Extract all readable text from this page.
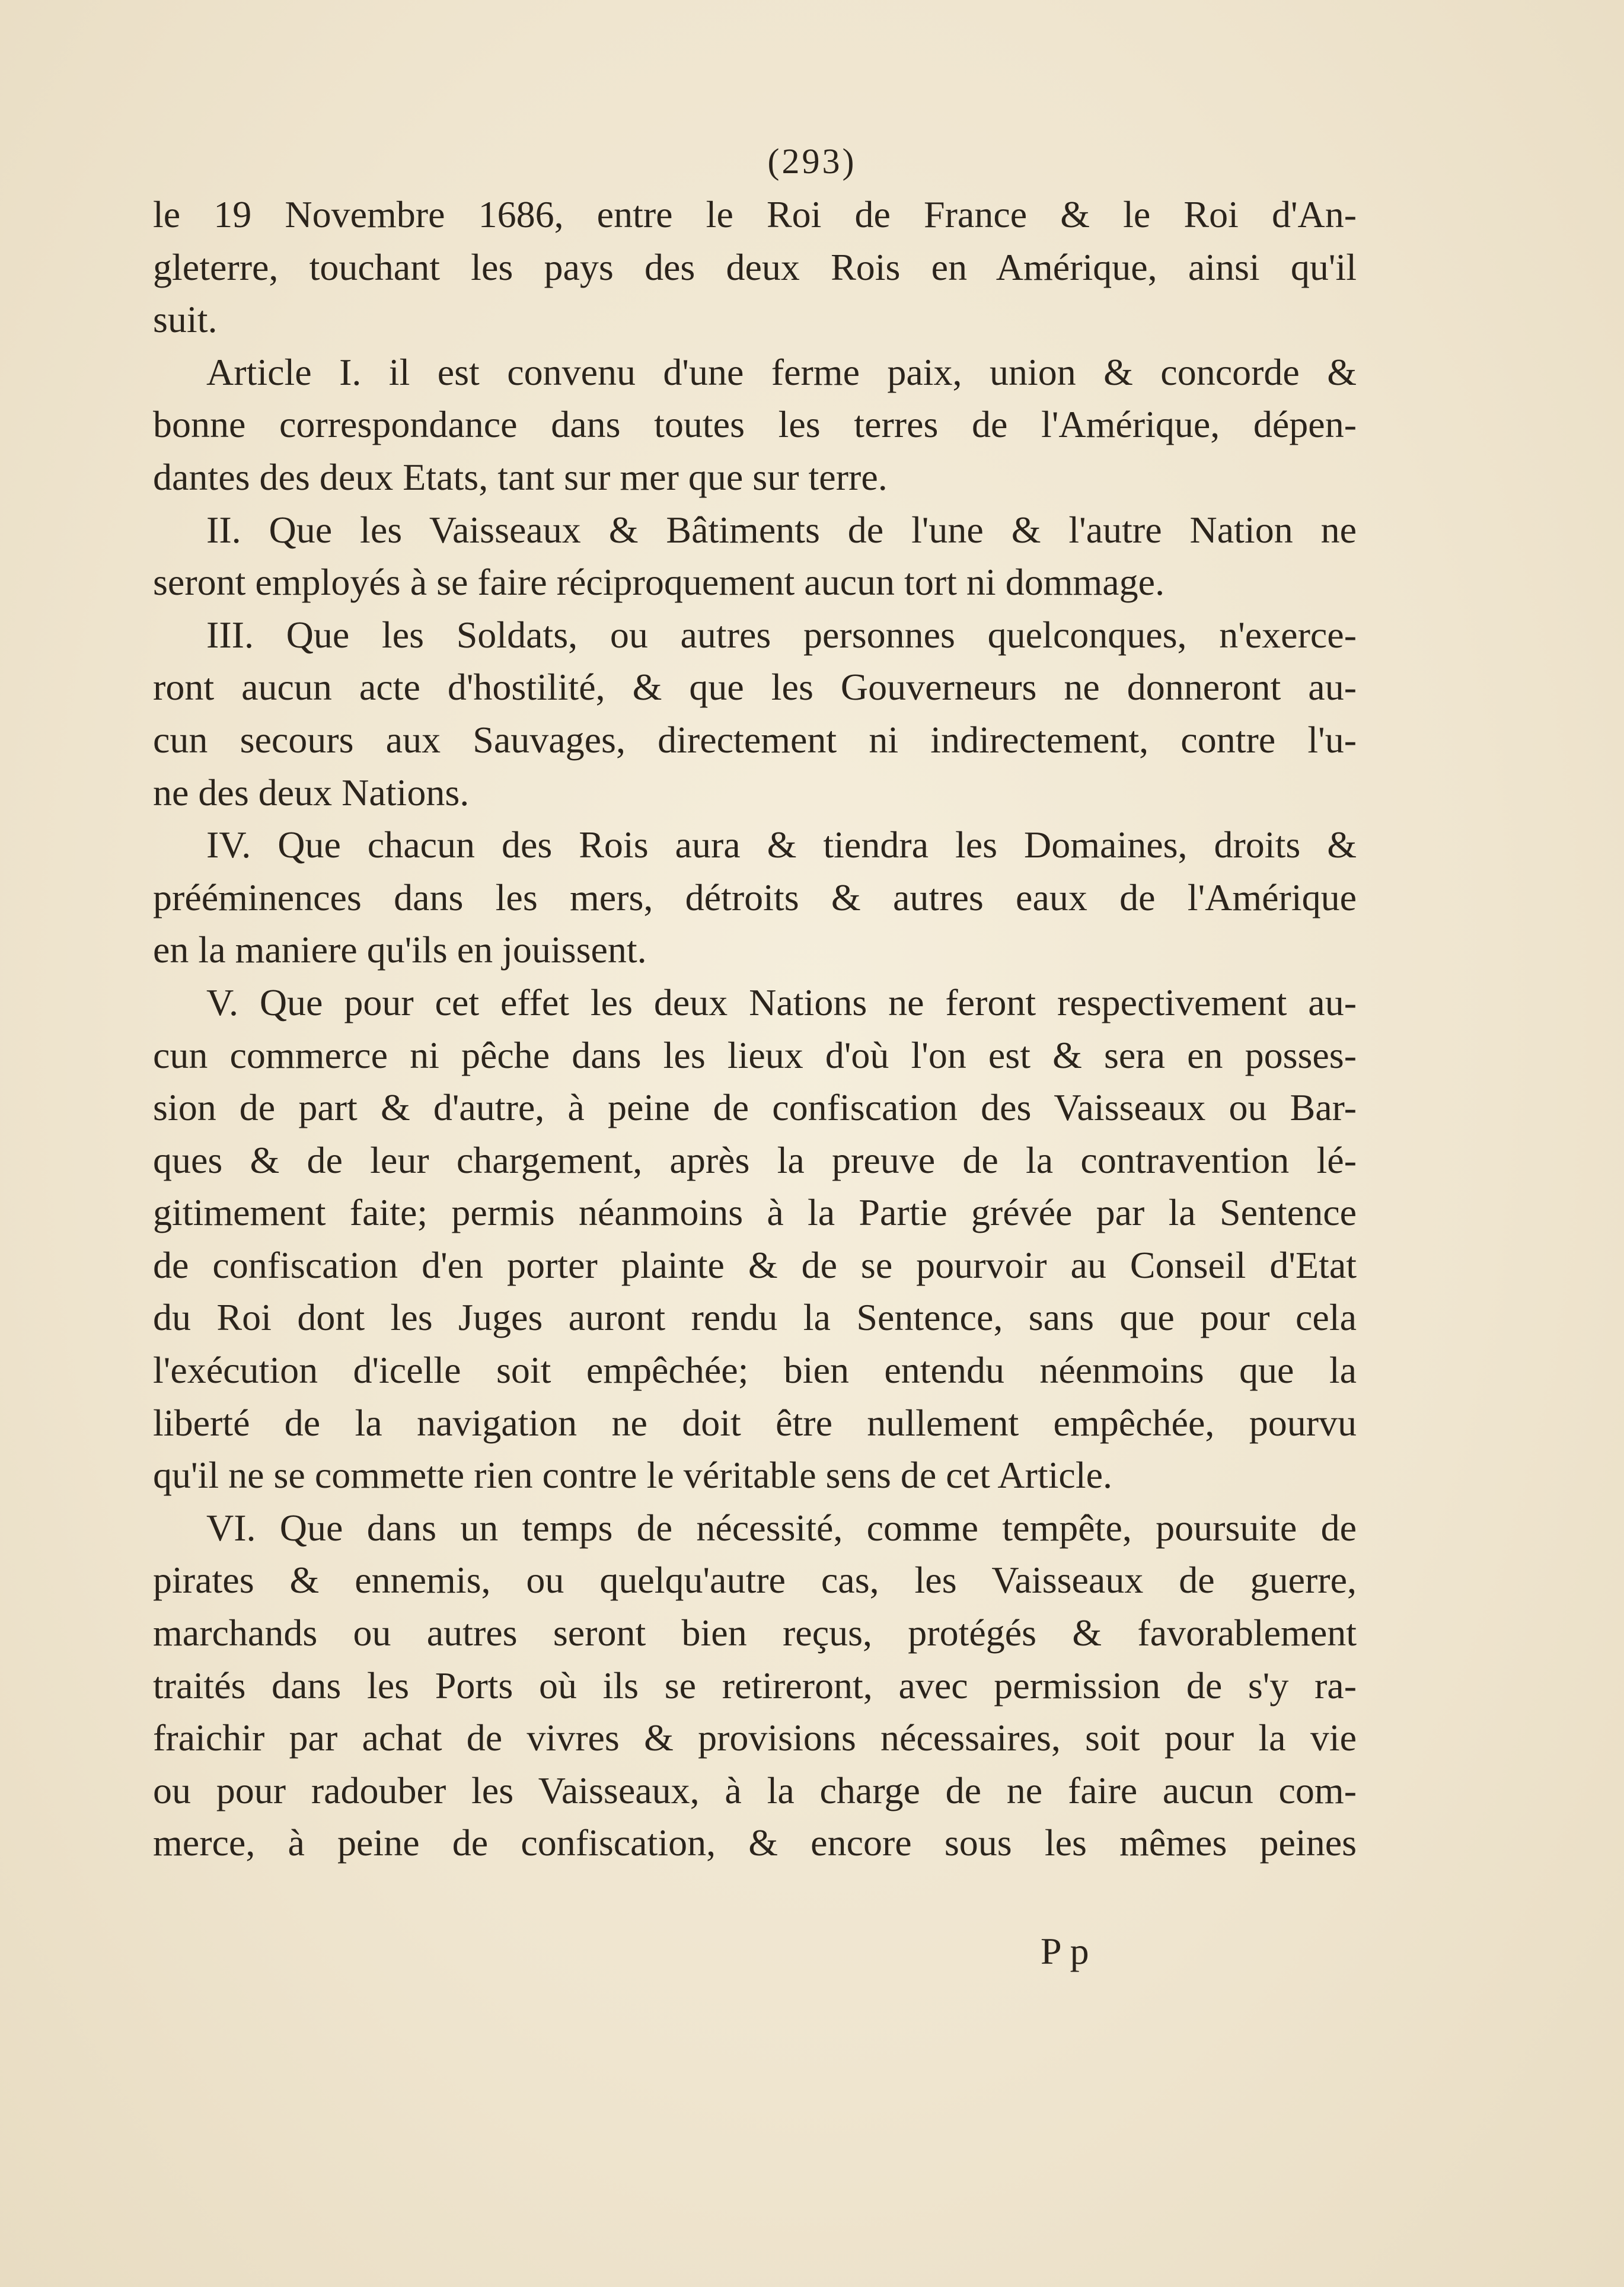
(293)
le 19 Novembre 1686, entre le Roi de France & le Roi d'An-
gleterre, touchant les pays des deux Rois en Amérique, ainsi qu'il
suit.
Article I. il est convenu d'une ferme paix, union & concorde &
bonne correspondance dans toutes les terres de l'Amérique, dépen-
dantes des deux Etats, tant sur mer que sur terre.
II. Que les Vaisseaux & Bâtiments de l'une & l'autre Nation ne
seront employés à se faire réciproquement aucun tort ni dommage.
III. Que les Soldats, ou autres personnes quelconques, n'exerce-
ront aucun acte d'hostilité, & que les Gouverneurs ne donneront au-
cun secours aux Sauvages, directement ni indirectement, contre l'u-
ne des deux Nations.
IV. Que chacun des Rois aura & tiendra les Domaines, droits &
prééminences dans les mers, détroits & autres eaux de l'Amérique
en la maniere qu'ils en jouissent.
V. Que pour cet effet les deux Nations ne feront respectivement au-
cun commerce ni pêche dans les lieux d'où l'on est & sera en posses-
sion de part & d'autre, à peine de confiscation des Vaisseaux ou Bar-
ques & de leur chargement, après la preuve de la contravention lé-
gitimement faite; permis néanmoins à la Partie grévée par la Sentence
de confiscation d'en porter plainte & de se pourvoir au Conseil d'Etat
du Roi dont les Juges auront rendu la Sentence, sans que pour cela
l'exécution d'icelle soit empêchée; bien entendu néenmoins que la
liberté de la navigation ne doit être nullement empêchée, pourvu
qu'il ne se commette rien contre le véritable sens de cet Article.
VI. Que dans un temps de nécessité, comme tempête, poursuite de
pirates & ennemis, ou quelqu'autre cas, les Vaisseaux de guerre,
marchands ou autres seront bien reçus, protégés & favorablement
traités dans les Ports où ils se retireront, avec permission de s'y ra-
fraichir par achat de vivres & provisions nécessaires, soit pour la vie
ou pour radouber les Vaisseaux, à la charge de ne faire aucun com-
merce, à peine de confiscation, & encore sous les mêmes peines
Pp
